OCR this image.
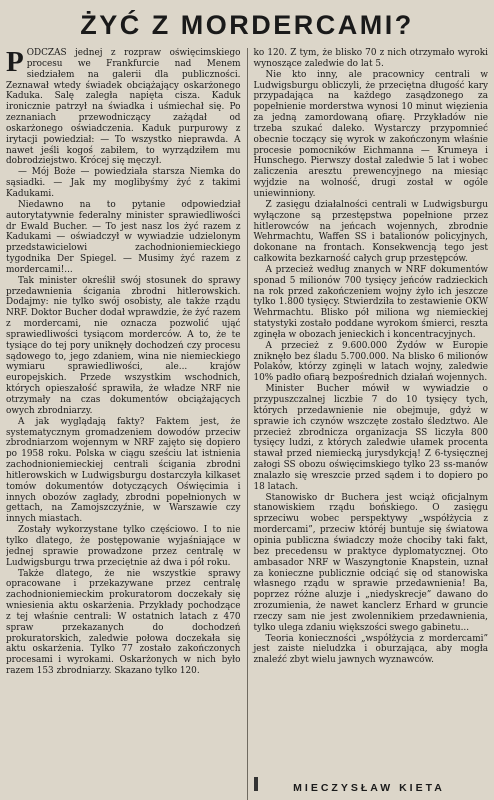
ŻYĆ Z MORDERCAMI?

PODCZAS jednej z rozpraw oświęcimskiego procesu we Frankfurcie nad Menem siedziałem na galerii dla publiczności. Zeznawał wtedy świadek obciążający oskarżonego Kaduka. Salę zaległa napięta cisza. Kaduk ironicznie patrzył na świadka i uśmiechał się. Po zeznaniach przewodniczący zażądał od oskarżonego oświadczenia. Kaduk purpurowy z irytacji powiedział: — To wszystko nieprawda. A nawet jeśli kogoś zabiłem, to wyrządziłem mu dobrodziejstwo. Krócej się męczył.

— Mój Boże — powiedziała starsza Niemka do sąsiadki. — Jak my moglibyśmy żyć z takimi Kadukami.

Niedawno na to pytanie odpowiedział autorytatywnie federalny minister sprawiedliwości dr Ewald Bucher. — To jest nasz los żyć razem z Kadukami — oświadczył w wywiadzie udzielonym przedstawicielowi zachodnioniemieckiego tygodnika Der Spiegel. — Musimy żyć razem z mordercami!...

Tak minister określił swój stosunek do sprawy przedawnienia ścigania zbrodni hitlerowskich. Dodajmy: nie tylko swój osobisty, ale także rządu NRF. Doktor Bucher dodał wprawdzie, że żyć razem z mordercami, nie oznacza pozwolić ująć sprawiedliwości tysiącom morderców. A to, że te tysiące do tej pory uniknęły dochodzeń czy procesu sądowego to, jego zdaniem, wina nie niemieckiego wymiaru sprawiedliwości, ale... krajów europejskich. Przede wszystkim wschodnich, których opieszałość sprawiła, że władze NRF nie otrzymały na czas dokumentów obciążających owych zbrodniarzy.

A jak wyglądają fakty? Faktem jest, że systematycznym gromadzeniem dowodów przeciw zbrodniarzom wojennym w NRF zajęto się dopiero po 1958 roku. Polska w ciągu sześciu lat istnienia zachodnioniemieckiej centrali ścigania zbrodni hitlerowskich w Ludwigsburgu dostarczyła kilkaset tomów dokumentów dotyczących Oświęcimia i innych obozów zagłady, zbrodni popełnionych w gettach, na Zamojszczyźnie, w Warszawie czy innych miastach.

Zostały wykorzystane tylko częściowo. I to nie tylko dlatego, że postępowanie wyjaśniające w jednej sprawie prowadzone przez centralę w Ludwigsburgu trwa przeciętnie aż dwa i pół roku.

Także dlatego, że nie wszystkie sprawy opracowane i przekazywane przez centralę zachodnioniemieckim prokuratorom doczekały się wniesienia aktu oskarżenia. Przykłady pochodzące z tej właśnie centrali: W ostatnich latach z 470 spraw przekazanych do dochodzeń prokuratorskich, zaledwie połowa doczekała się aktu oskarżenia. Tylko 77 zostało zakończonych procesami i wyrokami. Oskarżonych w nich było razem 153 zbrodniarzy. Skazano tylko 120.

ko 120. Z tym, że blisko 70 z nich otrzymało wyroki wynoszące zaledwie do lat 5.

Nie kto inny, ale pracownicy centrali w Ludwigsburgu obliczyli, że przeciętna długość kary przypadająca na każdego zasądzonego za popełnienie morderstwa wynosi 10 minut więzienia za jedną zamordowaną ofiarę. Przykładów nie trzeba szukać daleko. Wystarczy przypomnieć obecnie toczący się wyrok w zakończonym właśnie procesie pomocników Eichmanna — Krumeya i Hunschego. Pierwszy dostał zaledwie 5 lat i wobec zaliczenia aresztu prewencyjnego na miesiąc wyjdzie na wolność, drugi został w ogóle uniewinniony.

Z zasięgu działalności centrali w Ludwigsburgu wyłączone są przestępstwa popełnione przez hitlerowców na jeńcach wojennych, zbrodnie Wehrmachtu, Waffen SS i batalionów policyjnych, dokonane na frontach. Konsekwencją tego jest całkowita bezkarność całych grup przestępców.

A przecież według znanych w NRF dokumentów sponad 5 milionów 700 tysięcy jeńców radzieckich na rok przed zakończeniem wojny żyło ich jeszcze tylko 1.800 tysięcy. Stwierdziła to zestawienie OKW Wehrmachtu. Blisko pół miliona wg niemieckiej statystyki zostało poddane wyrokom śmierci, reszta zginęła w obozach jenieckich i koncentracyjnych.

A przecież z 9.600.000 Żydów w Europie zniknęło bez śladu 5.700.000. Na blisko 6 milionów Polaków, którzy zginęli w latach wojny, zaledwie 10% padło ofiarą bezpośrednich działań wojennych.

Minister Bucher mówił w wywiadzie o przypuszczalnej liczbie 7 do 10 tysięcy tych, których przedawnienie nie obejmuje, gdyż w sprawie ich czynów wszczęte zostało śledztwo. Ale przecież zbrodnicza organizacja SS liczyła 800 tysięcy ludzi, z których zaledwie ułamek procenta stawał przed niemiecką jurysdykcją! Z 6-tysięcznej załogi SS obozu oświęcimskiego tylko 23 ss-manów znalazło się wreszcie przed sądem i to dopiero po 18 latach.

Stanowisko dr Buchera jest wciąż oficjalnym stanowiskiem rządu bońskiego. O zasięgu sprzeciwu wobec perspektywy „współżycia z mordercami”, przeciw któréj buntuje się światowa opinia publiczna świadczy może chociby taki fakt, bez precedensu w praktyce dyplomatycznej. Oto ambasador NRF w Waszyngtonie Knapstein, uznał za konieczne publicznie odciąć się od stanowiska własnego rządu w sprawie przedawnienia! Ba, poprzez różne aluzje i „niedyskrecje” dawano do zrozumienia, że nawet kanclerz Erhard w gruncie rzeczy sam nie jest zwolennikiem przedawnienia, tylko ulega zdaniu większości swego gabinetu...

Teoria konieczności „współżycia z mordercami” jest zaiste nieludzka i oburzająca, aby mogła znaleźć zbyt wielu jawnych wyznawców.

MIECZYSŁAW KIETA
